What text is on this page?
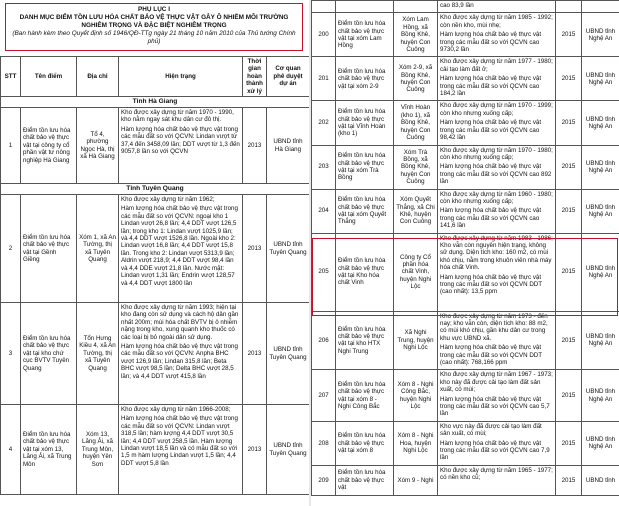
PHỤ LỤC I
DANH MỤC ĐIỂM TỒN LƯU HÓA CHẤT BẢO VỆ THỰC VẬT GÂY Ô NHIỄM MÔI TRƯỜNG NGHIÊM TRỌNG VÀ ĐẶC BIỆT NGHIÊM TRỌNG
(Ban hành kèm theo Quyết định số 1946/QĐ-TTg ngày 21 tháng 10 năm 2010 của Thủ tướng Chính phủ)
STT	Tên điểm	Địa chỉ	Hiện trạng	Thời gian hoàn thành xử lý	Cơ quan phê duyệt dự án
Tỉnh Hà Giang					
1	Điểm tồn lưu hóa chất bảo vệ thực vật tại công ty cổ phần vật tư nông nghiệp Hà Giang	Tổ 4, phường Ngọc Hà, thị xã Hà Giang	Kho được xây dựng từ năm 1970 - 1990, kho nằm ngay sát khu dân cư đô thị.

Hàm lượng hóa chất bảo vệ thực vật trong các mẫu đất so với QCVN: Lindan vượt từ 37,4 đến 3458,09 lần; DDT vượt từ 1,3 đến 9057,8 lần so với QCVN	2013	UBND tỉnh Hà Giang
Tỉnh Tuyên Quang					
2	Điểm tồn lưu hóa chất bảo vệ thực vật tại Gềnh Giềng	Xóm 1, xã An Tường, thị xã Tuyên Quang	Kho được xây dựng từ năm 1962;

Hàm lượng hóa chất bảo vệ thực vật trong các mẫu đất so với QCVN: ngoại kho 1 Lindan vượt 26,8 lần; 4,4 DDT vượt 126,5 lần; trong kho 1: Lindan vượt 1025,9 lần; và 4,4 DDT vượt 1526,8 lần. Ngoài kho 2: Lindan vượt 16,8 lần; 4,4 DDT vượt 15,8 lần. Trong kho 2: Lindan vượt 5313,9 lần; Aldrin vượt 218,9; 4,4 DDT vượt 98,4 lần và 4,4 DDE vượt 21,8 lần. Nước mặt: Lindan vượt 1,31 lần; Endrin vượt 128,57 và 4,4 DDT vượt 1800 lần	2013	UBND tỉnh Tuyên Quang
3	Điểm tồn lưu hóa chất bảo vệ thực vật tại kho chứ cục BVTV Tuyên Quang	Tổn Hưng Kiều 4, xã An Tường, thị xã Tuyên Quang	Kho được xây dựng từ năm 1993; hiện tại kho đang còn sử dụng và cách hộ dân gần nhất 200m; mùi hóa chất BVTV bị ô nhiễm nặng trong kho, xung quanh kho thuốc có các loại bị bỏ ngoài dân sử dụng.

Hàm lượng hóa chất bảo vệ thực vật trong các mẫu đất so với QCVN: Anpha BHC vượt 126,9 lần; Lindan 315,8 lần; Beta BHC vượt 98,5 lần; Delta BHC vượt 28,5 lần; và 4,4 DDT vượt 415,8 lần	2013	UBND tỉnh Tuyên Quang
4	Điểm tồn lưu hóa chất bảo vệ thực vật tại xóm 13, Lăng Ải, xã Trung Môn	Xóm 13, Lăng Ải, xã Trung Môn, huyện Yên Sơn	Kho được xây dựng từ năm 1966-2008;

Hàm lượng hóa chất bảo vệ thực vật trong các mẫu đất so với QCVN: Lindan vượt 318,5 lần; hàm lượng 4,4 DDT vượt 30,5 lần; 4,4 DDT vượt 258,5 lần. Hàm lượng Lindan vượt 18,5 lần và có mẫu đất so với 1,5 m hàm lượng Lindan vượt 1,5 lần; 4,4 DDT vượt 5,8 lần	2013	UBND tỉnh Tuyên Quang

			cao 83,9 lần		

200	Điểm tồn lưu hóa chất bảo vệ thực vật tại xóm Lam Hồng	Xóm Lam Hồng, xã Bồng Khê, huyện Con Cuông	Kho được xây dựng từ năm 1985 - 1992; còn nền kho, mùi nhẹ;

Hàm lượng hóa chất bảo vệ thực vật trong các mẫu đất so với QCVN cao 9730,2 lần	2015	UBND tỉnh Nghệ An
201	Điểm tồn lưu hóa chất bảo vệ thực vật tại xóm 2-9	Xóm 2-9, xã Bồng Khê, huyện Con Cuông	Kho được xây dựng từ năm 1977 - 1980; cải tạo làm đất ở;

Hàm lượng hóa chất bảo vệ thực vật trong các mẫu đất so với QCVN cao 184,2 lần	2015	UBND tỉnh Nghệ An
202	Điểm tồn lưu hóa chất bảo vệ thực vật tại Vĩnh Hoàn (kho 1)	Vĩnh Hoàn (kho 1), xã Bồng Khê, huyện Con Cuông	Kho được xây dựng từ năm 1970 - 1999; còn kho nhưng xuống cấp;

Hàm lượng hóa chất bảo vệ thực vật trong các mẫu đất so với QCVN cao 98,42 lần	2015	UBND tỉnh Nghệ An
203	Điểm tồn lưu hóa chất bảo vệ thực vật tại xóm Trà Bồng	Xóm Trà Bồng, xã Bồng Khê, huyện Con Cuông	Kho được xây dựng từ năm 1970 - 1980; còn kho nhưng xuống cấp;

Hàm lượng hóa chất bảo vệ thực vật trong các mẫu đất so với QCVN cao 892 lần	2015	UBND tỉnh Nghệ An
204	Điểm tồn lưu hóa chất bảo vệ thực vật tại xóm Quyết Thắng	Xóm Quyết Thắng, xã Chi Khê, huyện Con Cuông	Kho được xây dựng từ năm 1960 - 1980; còn kho nhưng xuống cấp;

Hàm lượng hóa chất bảo vệ thực vật trong các mẫu đất so với QCVN cao 141,6 lần	2015	UBND tỉnh Nghệ An
205	Điểm tồn lưu hóa chất bảo vệ thực vật tại Kho hóa chất Vinh	Công ty Cổ phần hóa chất Vinh, huyện Nghi Lộc	Kho được xây dựng từ năm 1983 - 1986; Kho vẫn còn nguyên hiện trạng, không sử dụng. Diện tích kho: 160 m2, có mùi khó chịu, nằm trong khuôn viên nhà máy hóa chất Vinh.

Hàm lượng hóa chất bảo vệ thực vật trong các mẫu đất so với QCVN DDT (cao nhất): 13,5 ppm	2015	UBND tỉnh Nghệ An
206	Điểm tồn lưu hóa chất bảo vệ thực vật tại kho HTX Nghi Trung	Xã Nghi Trung, huyện Nghi Lộc	Kho được xây dựng từ năm 1973 - đến nay; kho vẫn còn, diện tích kho: 88 m2, có mùi khó chịu, gần khu dân cư trong khu vực UBND xã.

Hàm lượng hóa chất bảo vệ thực vật trong các mẫu đất so với QCVN DDT (cao nhất): 768,166 ppm	2015	UBND tỉnh Nghệ An
207	Điểm tồn lưu hóa chất bảo vệ thực vật tại xóm 8 - Nghi Công Bắc	Xóm 8 - Nghi Công Bắc, huyện Nghi Lộc	Kho được xây dựng từ năm 1967 - 1973; kho này đã được cải tạo làm đất sản xuất, có mùi;

Hàm lượng hóa chất bảo vệ thực vật trong các mẫu đất so với QCVN cao 5,7 lần	2015	UBND tỉnh Nghệ An
208	Điểm tồn lưu hóa chất bảo vệ thực vật tại xóm 8	Xóm 8 - Nghi Hoa, huyện Nghi Lộc	Kho vực này đã được cải tạo làm đất sản xuất, có mùi;

Hàm lượng hóa chất bảo vệ thực vật trong các mẫu đất so với QCVN cao 7,9 lần	2015	UBND tỉnh Nghệ An
209	Điểm tồn lưu hóa chất bảo vệ thực vật	Xóm 9 - Nghi	Kho được xây dựng từ năm 1965 - 1977; có nền kho cũ;	2015	UBND tỉnh
